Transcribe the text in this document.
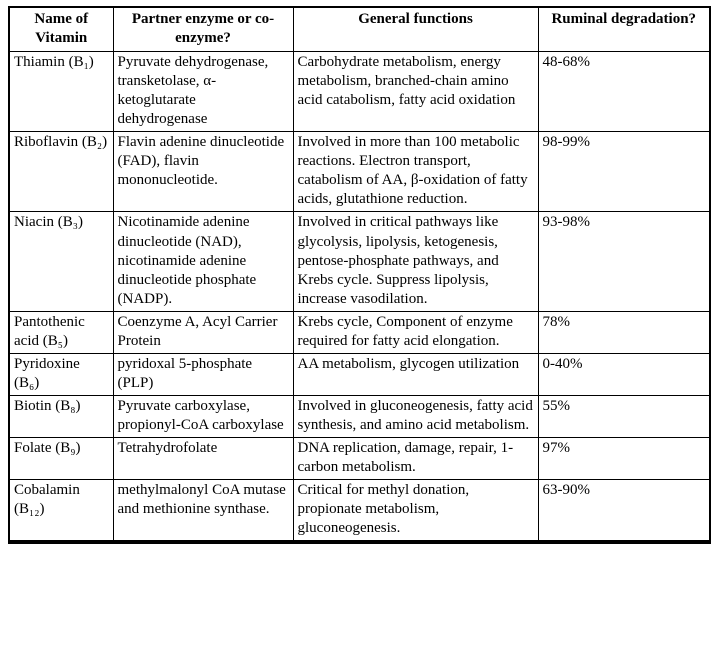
Name of Vitamin	Partner enzyme or co-enzyme?	General functions	Ruminal degradation?
Thiamin (B₁)	Pyruvate dehydrogenase, transketolase, α-ketoglutarate dehydrogenase	Carbohydrate metabolism, energy metabolism, branched-chain amino acid catabolism, fatty acid oxidation	48-68%
Riboflavin (B₂)	Flavin adenine dinucleotide (FAD), flavin mononucleotide.	Involved in more than 100 metabolic reactions. Electron transport, catabolism of AA, β-oxidation of fatty acids, glutathione reduction.	98-99%
Niacin (B₃)	Nicotinamide adenine dinucleotide (NAD), nicotinamide adenine dinucleotide phosphate (NADP).	Involved in critical pathways like glycolysis, lipolysis, ketogenesis, pentose-phosphate pathways, and Krebs cycle. Suppress lipolysis, increase vasodilation.	93-98%
Pantothenic acid (B₅)	Coenzyme A, Acyl Carrier Protein	Krebs cycle, Component of enzyme required for fatty acid elongation.	78%
Pyridoxine (B₆)	pyridoxal 5-phosphate (PLP)	AA metabolism, glycogen utilization	0-40%
Biotin (B₈)	Pyruvate carboxylase, propionyl-CoA carboxylase	Involved in gluconeogenesis, fatty acid synthesis, and amino acid metabolism.	55%
Folate (B₉)	Tetrahydrofolate	DNA replication, damage, repair, 1-carbon metabolism.	97%
Cobalamin (B₁₂)	methylmalonyl CoA mutase and methionine synthase.	Critical for methyl donation, propionate metabolism, gluconeogenesis.	63-90%
